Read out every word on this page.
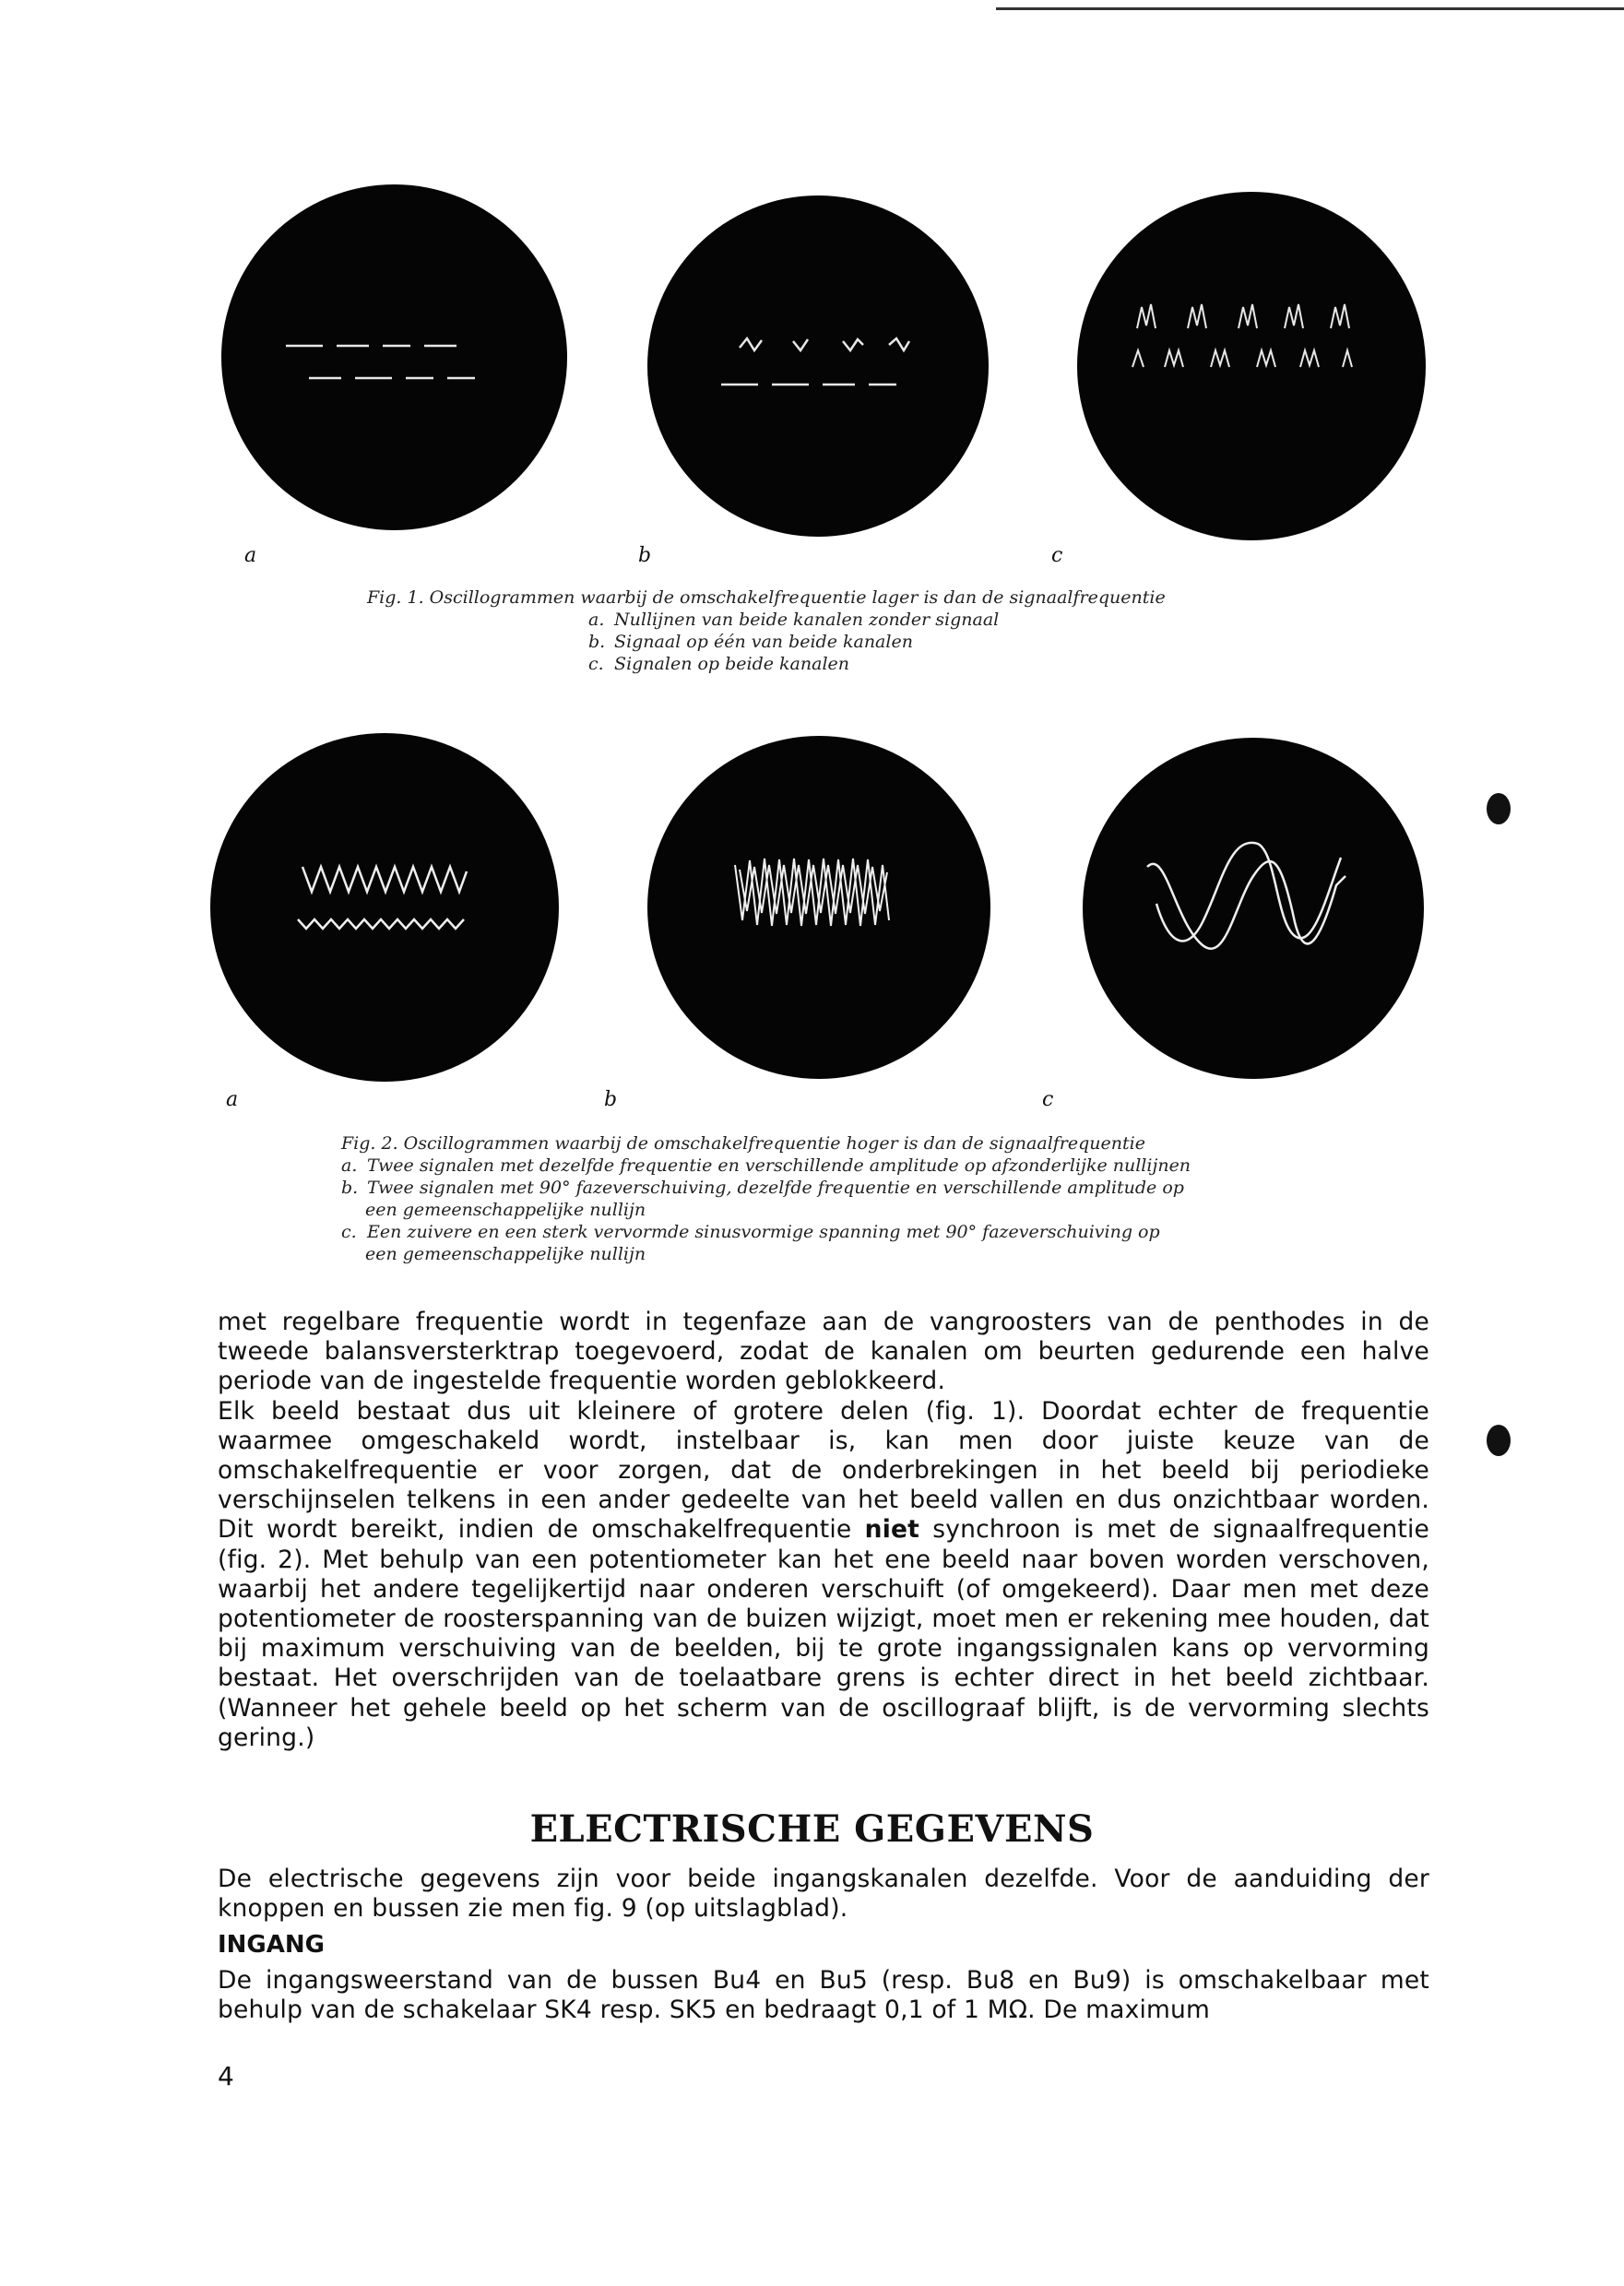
a	b	c
Fig. 1. Oscillogrammen waarbij de omschakelfrequentie lager is dan de signaalfrequentie
a. Nullijnen van beide kanalen zonder signaal
b. Signaal op één van beide kanalen
c. Signalen op beide kanalen
a	b	c
Fig. 2. Oscillogrammen waarbij de omschakelfrequentie hoger is dan de signaalfrequentie
a. Twee signalen met dezelfde frequentie en verschillende amplitude op afzonderlijke nullijnen
b. Twee signalen met 90° fazeverschuiving, dezelfde frequentie en verschillende amplitude op
een gemeenschappelijke nullijn
c. Een zuivere en een sterk vervormde sinusvormige spanning met 90° fazeverschuiving op
een gemeenschappelijke nullijn

met regelbare frequentie wordt in tegenfaze aan de vangroosters van de penthodes in de tweede balansversterktrap toegevoerd, zodat de kanalen om beurten gedurende een halve periode van de ingestelde frequentie worden geblokkeerd.

Elk beeld bestaat dus uit kleinere of grotere delen (fig. 1). Doordat echter de frequentie waarmee omgeschakeld wordt, instelbaar is, kan men door juiste keuze van de omschakelfrequentie er voor zorgen, dat de onderbrekingen in het beeld bij periodieke verschijnselen telkens in een ander gedeelte van het beeld vallen en dus onzichtbaar worden. Dit wordt bereikt, indien de omschakelfrequentie niet synchroon is met de signaalfrequentie (fig. 2). Met behulp van een potentiometer kan het ene beeld naar boven worden verschoven, waarbij het andere tegelijkertijd naar onderen verschuift (of omgekeerd). Daar men met deze potentiometer de roosterspanning van de buizen wijzigt, moet men er rekening mee houden, dat bij maximum verschuiving van de beelden, bij te grote ingangssignalen kans op vervorming bestaat. Het overschrijden van de toelaatbare grens is echter direct in het beeld zichtbaar. (Wanneer het gehele beeld op het scherm van de oscillograaf blijft, is de vervorming slechts gering.)

ELECTRISCHE GEGEVENS

De electrische gegevens zijn voor beide ingangskanalen dezelfde. Voor de aanduiding der knoppen en bussen zie men fig. 9 (op uitslagblad).

INGANG

De ingangsweerstand van de bussen Bu4 en Bu5 (resp. Bu8 en Bu9) is omschakelbaar met behulp van de schakelaar SK4 resp. SK5 en bedraagt 0,1 of 1 MΩ. De maximum

4
